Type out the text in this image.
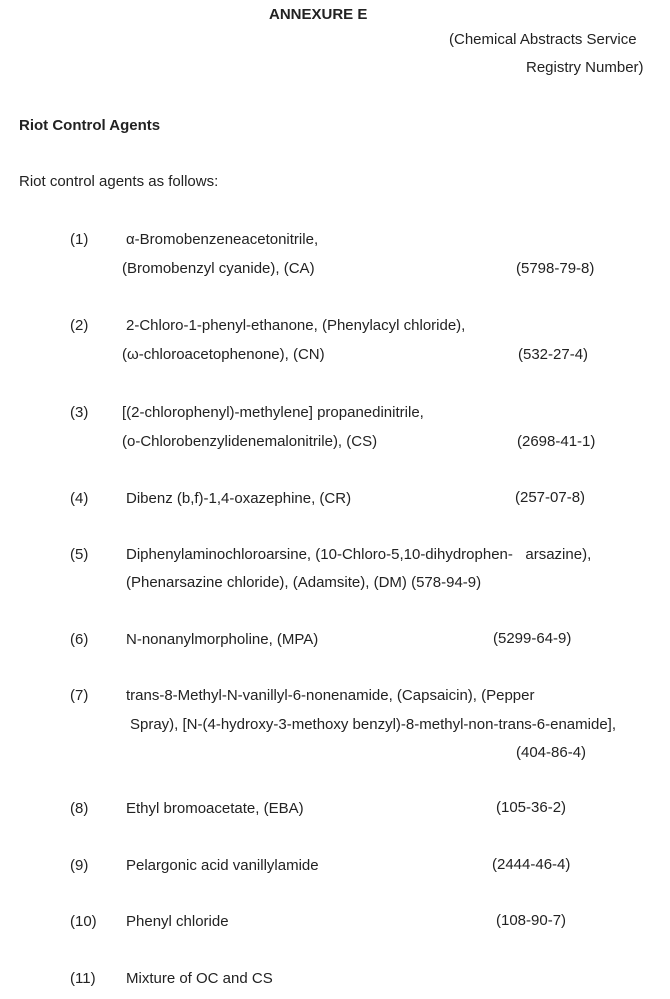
ANNEXURE E
(Chemical Abstracts Service
Registry Number)
Riot Control Agents
Riot control agents as follows:
(1)	α-Bromobenzeneacetonitrile,
(Bromobenzyl cyanide), (CA)	(5798-79-8)
(2)	2-Chloro-1-phenyl-ethanone, (Phenylacyl chloride),
(ω-chloroacetophenone), (CN)	(532-27-4)
(3) [(2-chlorophenyl)-methylene] propanedinitrile,
(o-Chlorobenzylidenemalonitrile), (CS)	(2698-41-1)
(4)	Dibenz (b,f)-1,4-oxazephine, (CR)	(257-07-8)
(5)	Diphenylaminochloroarsine, (10-Chloro-5,10-dihydrophen-   arsazine),
(Phenarsazine chloride), (Adamsite), (DM) (578-94-9)
(6)	N-nonanylmorpholine, (MPA)	(5299-64-9)
(7)	trans-8-Methyl-N-vanillyl-6-nonenamide, (Capsaicin), (Pepper
Spray), [N-(4-hydroxy-3-methoxy benzyl)-8-methyl-non-trans-6-enamide],
(404-86-4)
(8)	Ethyl bromoacetate, (EBA)	(105-36-2)
(9)	Pelargonic acid vanillylamide	(2444-46-4)
(10) Phenyl chloride	(108-90-7)
(11) Mixture of OC and CS
